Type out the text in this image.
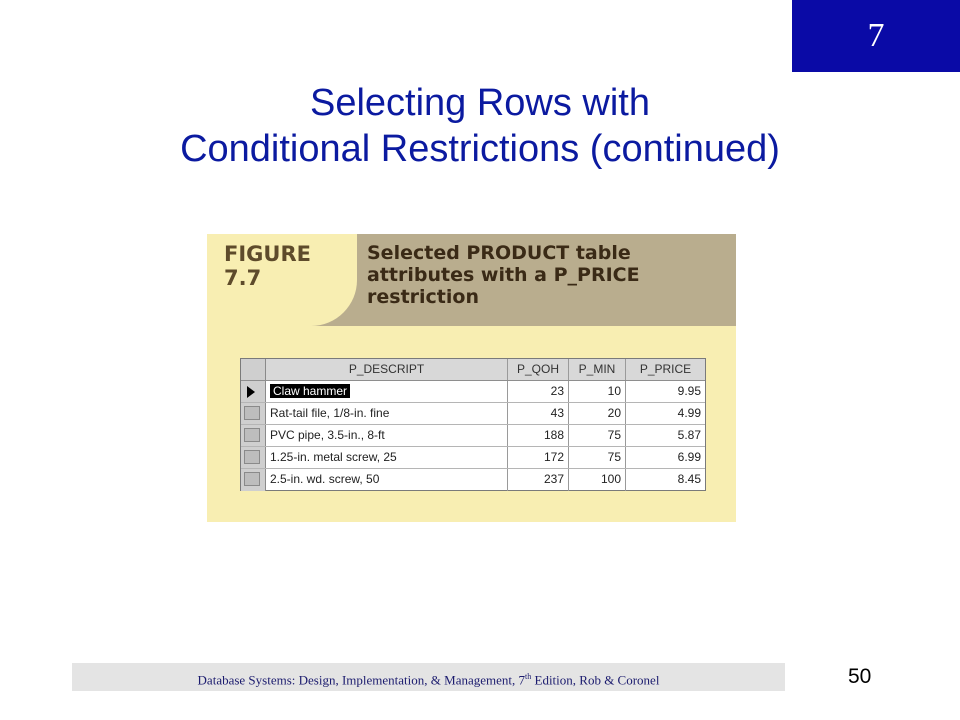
7
Selecting Rows with
Conditional Restrictions (continued)
FIGURE
7.7
Selected PRODUCT table
attributes with a P_PRICE
restriction
P_DESCRIPT	P_QOH	P_MIN	P_PRICE
Claw hammer	23	10	9.95
Rat-tail file, 1/8-in. fine	43	20	4.99
PVC pipe, 3.5-in., 8-ft	188	75	5.87
1.25-in. metal screw, 25	172	75	6.99
2.5-in. wd. screw, 50	237	100	8.45
Database Systems: Design, Implementation, & Management, 7th Edition, Rob & Coronel	50
